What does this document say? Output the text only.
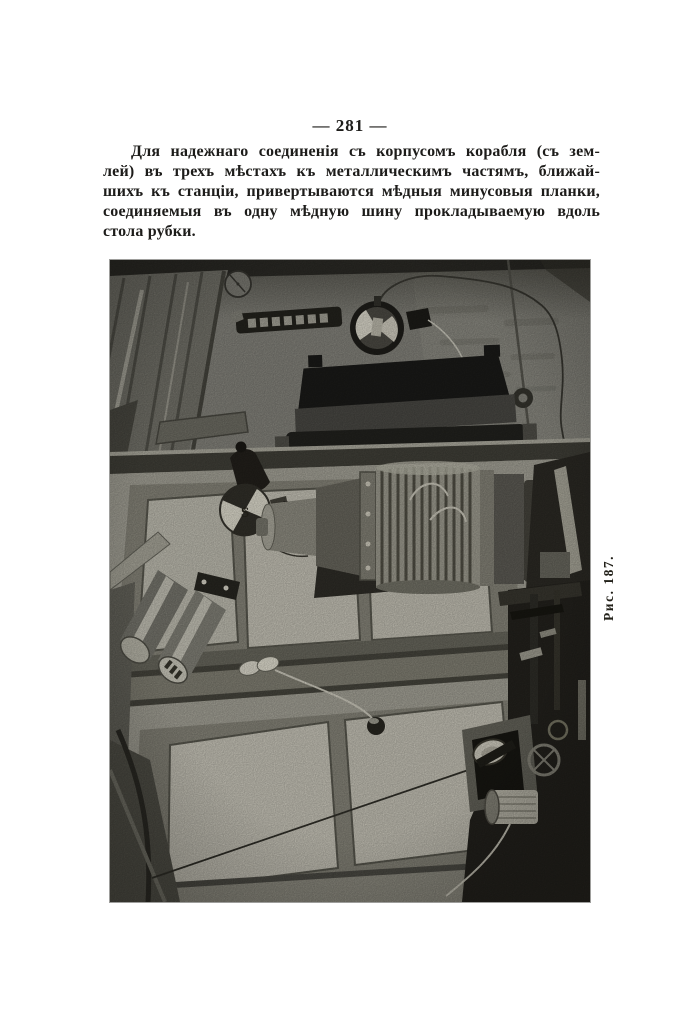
— 281 —
Для надежнаго соединенія съ корпусомъ корабля (съ зем-
лей) въ трехъ мѣстахъ къ металлическимъ частямъ, ближай-
шихъ къ станціи, привертываются мѣдныя минусовыя планки,
соединяемыя въ одну мѣдную шину прокладываемую вдоль
стола рубки.
Рис. 187.
